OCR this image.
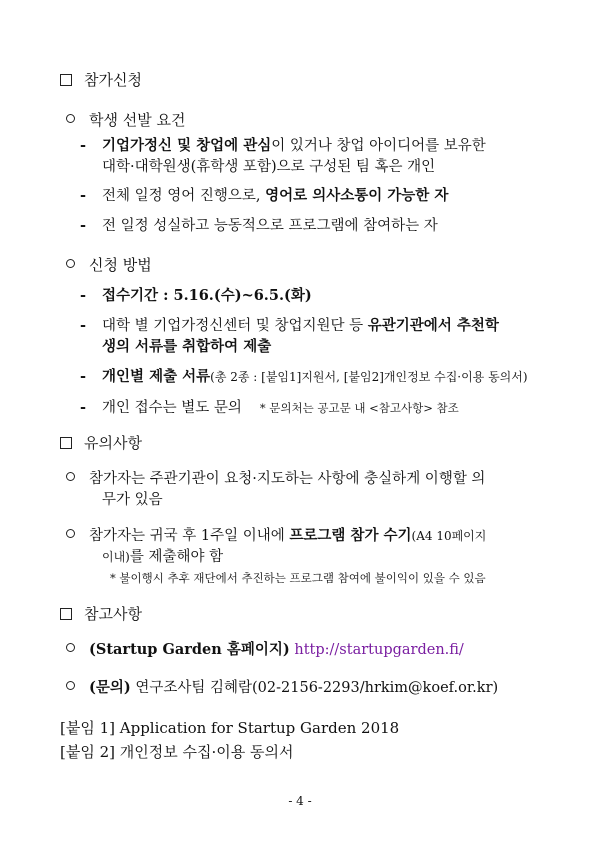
참가신청
학생 선발 요건
- 기업가정신 및 창업에 관심이 있거나 창업 아이디어를 보유한
대학·대학원생(휴학생 포함)으로 구성된 팀 혹은 개인
- 전체 일정 영어 진행으로, 영어로 의사소통이 가능한 자
- 전 일정 성실하고 능동적으로 프로그램에 참여하는 자
신청 방법
- 접수기간 : 5.16.(수)~6.5.(화)
- 대학 별 기업가정신센터 및 창업지원단 등 유관기관에서 추천학
생의 서류를 취합하여 제출
- 개인별 제출 서류(총 2종 : [붙임1]지원서, [붙임2]개인정보 수집·이용 동의서)
- 개인 접수는 별도 문의 * 문의처는 공고문 내 <참고사항> 참조
유의사항
참가자는 주관기관이 요청·지도하는 사항에 충실하게 이행할 의
무가 있음
참가자는 귀국 후 1주일 이내에 프로그램 참가 수기(A4 10페이지
이내)를 제출해야 함
* 불이행시 추후 재단에서 추진하는 프로그램 참여에 불이익이 있을 수 있음
참고사항
(Startup Garden 홈페이지) http://startupgarden.fi/
(문의) 연구조사팀 김혜람(02-2156-2293/hrkim@koef.or.kr)
[붙임 1] Application for Startup Garden 2018
[붙임 2] 개인정보 수집·이용 동의서
- 4 -
